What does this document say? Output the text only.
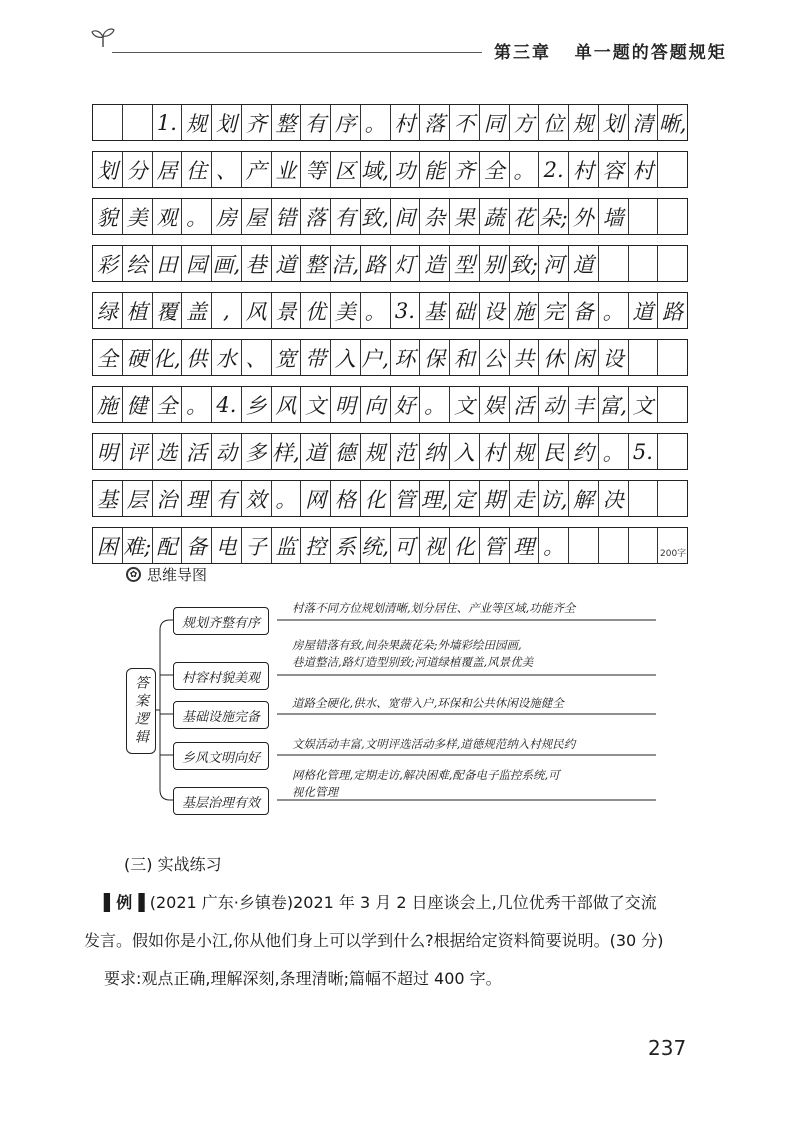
第三章 单一题的答题规矩
1. 规 划 齐 整 有 序 。 村 落 不 同 方 位 规 划 清 晰,
划 分 居 住 、 产 业 等 区 域, 功 能 齐 全 。 2. 村 容 村
貌 美 观 。 房 屋 错 落 有 致, 间 杂 果 蔬 花 朵; 外 墙
彩 绘 田 园 画, 巷 道 整 洁, 路 灯 造 型 别 致; 河 道
绿 植 覆 盖 , 风 景 优 美 。 3. 基 础 设 施 完 备 。 道 路
全 硬 化, 供 水 、 宽 带 入 户, 环 保 和 公 共 休 闲 设
施 健 全 。 4. 乡 风 文 明 向 好 。 文 娱 活 动 丰 富, 文
明 评 选 活 动 多 样, 道 德 规 范 纳 入 村 规 民 约 。 5.
基 层 治 理 有 效 。 网 格 化 管 理, 定 期 走 访, 解 决
困 难; 配 备 电 子 监 控 系 统, 可 视 化 管 理 。	200字
✿ 思维导图
答案逻辑
规划齐整有序
村容村貌美观
基础设施完备
乡风文明向好
基层治理有效
村落不同方位规划清晰,划分居住、产业等区域,功能齐全
房屋错落有致,间杂果蔬花朵;外墙彩绘田园画,
巷道整洁,路灯造型别致;河道绿植覆盖,风景优美
道路全硬化,供水、宽带入户,环保和公共休闲设施健全
文娱活动丰富,文明评选活动多样,道德规范纳入村规民约
网格化管理,定期走访,解决困难,配备电子监控系统,可
视化管理
(三) 实战练习
▌例▐ (2021 广东·乡镇卷)2021 年 3 月 2 日座谈会上,几位优秀干部做了交流
发言。假如你是小江,你从他们身上可以学到什么?根据给定资料简要说明。(30 分)
要求:观点正确,理解深刻,条理清晰;篇幅不超过 400 字。
237
